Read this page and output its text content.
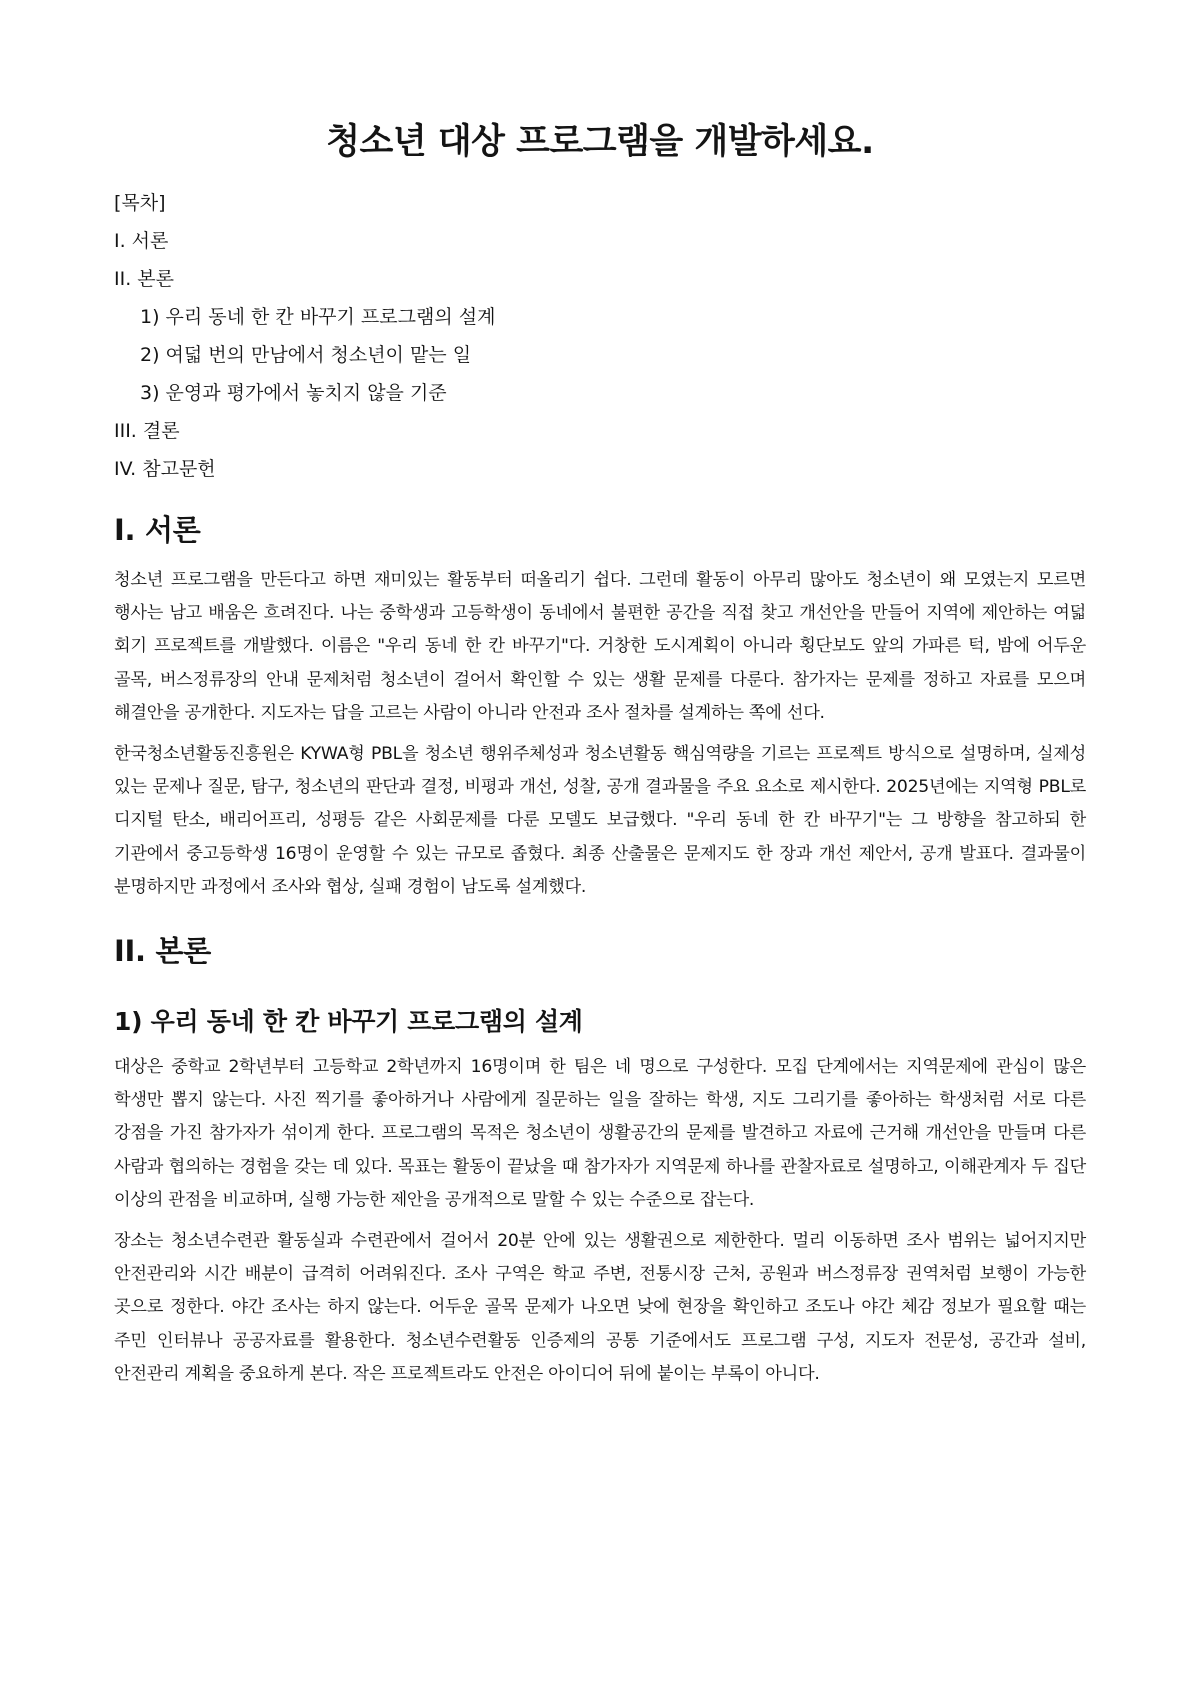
청소년 대상 프로그램을 개발하세요.
[목차]
I. 서론
II. 본론
1) 우리 동네 한 칸 바꾸기 프로그램의 설계
2) 여덟 번의 만남에서 청소년이 맡는 일
3) 운영과 평가에서 놓치지 않을 기준
III. 결론
IV. 참고문헌
I. 서론

청소년 프로그램을 만든다고 하면 재미있는 활동부터 떠올리기 쉽다. 그런데 활동이 아무리 많아도 청소년이 왜 모였는지 모르면 행사는 남고 배움은 흐려진다. 나는 중학생과 고등학생이 동네에서 불편한 공간을 직접 찾고 개선안을 만들어 지역에 제안하는 여덟 회기 프로젝트를 개발했다. 이름은 "우리 동네 한 칸 바꾸기"다. 거창한 도시계획이 아니라 횡단보도 앞의 가파른 턱, 밤에 어두운 골목, 버스정류장의 안내 문제처럼 청소년이 걸어서 확인할 수 있는 생활 문제를 다룬다. 참가자는 문제를 정하고 자료를 모으며 해결안을 공개한다. 지도자는 답을 고르는 사람이 아니라 안전과 조사 절차를 설계하는 쪽에 선다.

한국청소년활동진흥원은 KYWA형 PBL을 청소년 행위주체성과 청소년활동 핵심역량을 기르는 프로젝트 방식으로 설명하며, 실제성 있는 문제나 질문, 탐구, 청소년의 판단과 결정, 비평과 개선, 성찰, 공개 결과물을 주요 요소로 제시한다. 2025년에는 지역형 PBL로 디지털 탄소, 배리어프리, 성평등 같은 사회문제를 다룬 모델도 보급했다. "우리 동네 한 칸 바꾸기"는 그 방향을 참고하되 한 기관에서 중고등학생 16명이 운영할 수 있는 규모로 좁혔다. 최종 산출물은 문제지도 한 장과 개선 제안서, 공개 발표다. 결과물이 분명하지만 과정에서 조사와 협상, 실패 경험이 남도록 설계했다.

II. 본론
1) 우리 동네 한 칸 바꾸기 프로그램의 설계

대상은 중학교 2학년부터 고등학교 2학년까지 16명이며 한 팀은 네 명으로 구성한다. 모집 단계에서는 지역문제에 관심이 많은 학생만 뽑지 않는다. 사진 찍기를 좋아하거나 사람에게 질문하는 일을 잘하는 학생, 지도 그리기를 좋아하는 학생처럼 서로 다른 강점을 가진 참가자가 섞이게 한다. 프로그램의 목적은 청소년이 생활공간의 문제를 발견하고 자료에 근거해 개선안을 만들며 다른 사람과 협의하는 경험을 갖는 데 있다. 목표는 활동이 끝났을 때 참가자가 지역문제 하나를 관찰자료로 설명하고, 이해관계자 두 집단 이상의 관점을 비교하며, 실행 가능한 제안을 공개적으로 말할 수 있는 수준으로 잡는다.

장소는 청소년수련관 활동실과 수련관에서 걸어서 20분 안에 있는 생활권으로 제한한다. 멀리 이동하면 조사 범위는 넓어지지만 안전관리와 시간 배분이 급격히 어려워진다. 조사 구역은 학교 주변, 전통시장 근처, 공원과 버스정류장 권역처럼 보행이 가능한 곳으로 정한다. 야간 조사는 하지 않는다. 어두운 골목 문제가 나오면 낮에 현장을 확인하고 조도나 야간 체감 정보가 필요할 때는 주민 인터뷰나 공공자료를 활용한다. 청소년수련활동 인증제의 공통 기준에서도 프로그램 구성, 지도자 전문성, 공간과 설비, 안전관리 계획을 중요하게 본다. 작은 프로젝트라도 안전은 아이디어 뒤에 붙이는 부록이 아니다.
